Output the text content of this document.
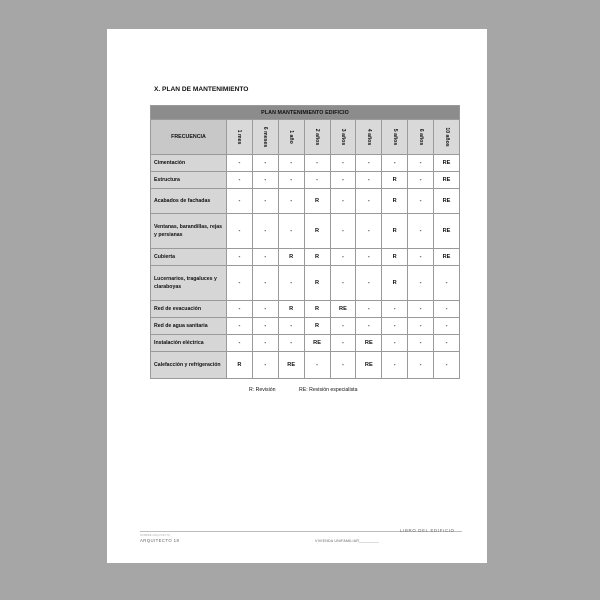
X. PLAN DE MANTENIMIENTO
PLAN MANTENIMIENTO EDIFICIO									
FRECUENCIA	1 mes	6 meses	1 año	2 años	3 años	4 años	5 años	6 años	10 años

Cimentación	-	-	-	-	-	-	-	-	RE
Estructura	-	-	-	-	-	-	R	-	RE
Acabados de fachadas	-	-	-	R	-	-	R	-	RE
Ventanas, barandillas, rejas y persianas	-	-	-	R	-	-	R	-	RE
Cubierta	-	-	R	R	-	-	R	-	RE
Lucernarios, tragaluces y claraboyas	-	-	-	R	-	-	R	-	-
Red de evacuación	-	-	R	R	RE	-	-	-	-
Red de agua sanitaria	-	-	-	R	-	-	-	-	-
Instalación eléctrica	-	-	-	RE	-	RE	-	-	-
Calefacción y refrigeración	R	-	RE	-	-	RE	-	-	-
R: Revisión	RE: Revisión especialista
NOMBRE ARQUITECTO
ARQUITECTO 18	VIVIENDA UNIFAMILIAR_________
LIBRO DEL EDIFICIO
